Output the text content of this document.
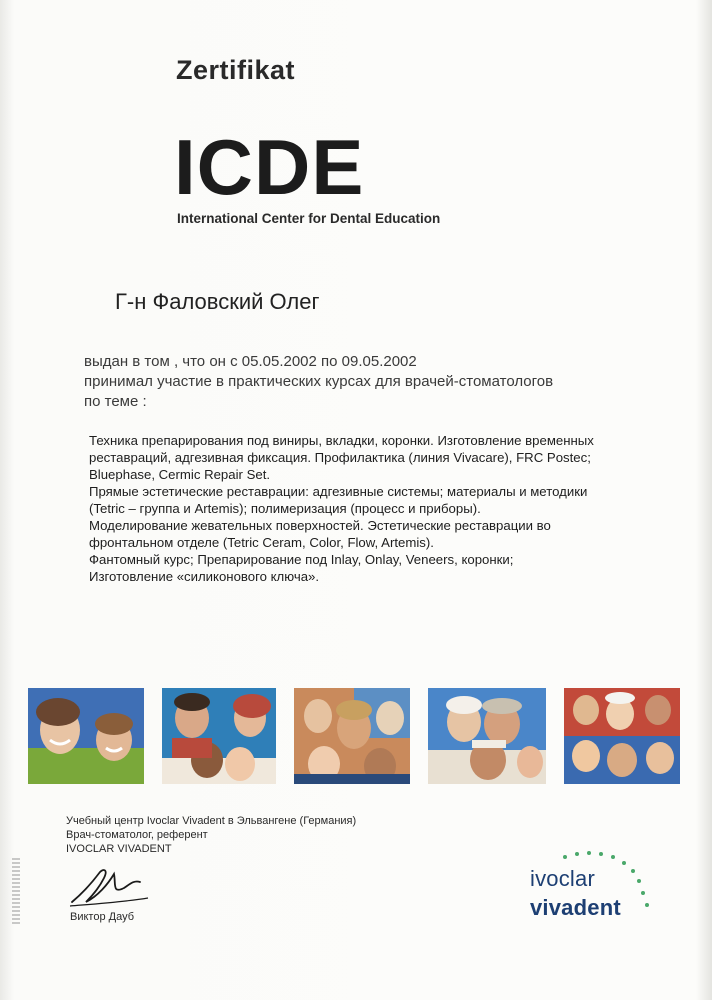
Zertifikat
ICDE
International Center for Dental Education
Г-н Фаловский Олег
выдан в том , что он с 05.05.2002 по 09.05.2002
принимал участие в практических курсах для врачей-стоматологов
по теме :
Техника препарирования под виниры, вкладки, коронки. Изготовление временных
реставраций, адгезивная фиксация. Профилактика (линия Vivacare), FRC Postec;
Bluephase, Cermic Repair Set.
Прямые эстетические реставрации: адгезивные системы; материалы и методики
(Tetric – группа и Artemis); полимеризация (процесс и приборы).
Моделирование жевательных поверхностей. Эстетические реставрации во
фронтальном отделе (Tetric Ceram, Color, Flow, Artemis).
Фантомный курс; Препарирование под Inlay, Onlay, Veneers, коронки;
Изготовление «силиконового ключа».
Учебный центр Ivoclar Vivadent в Эльвангене (Германия)
Врач-стоматолог, референт
IVOCLAR VIVADENT
Виктор Дауб
ivoclar
vivadent
